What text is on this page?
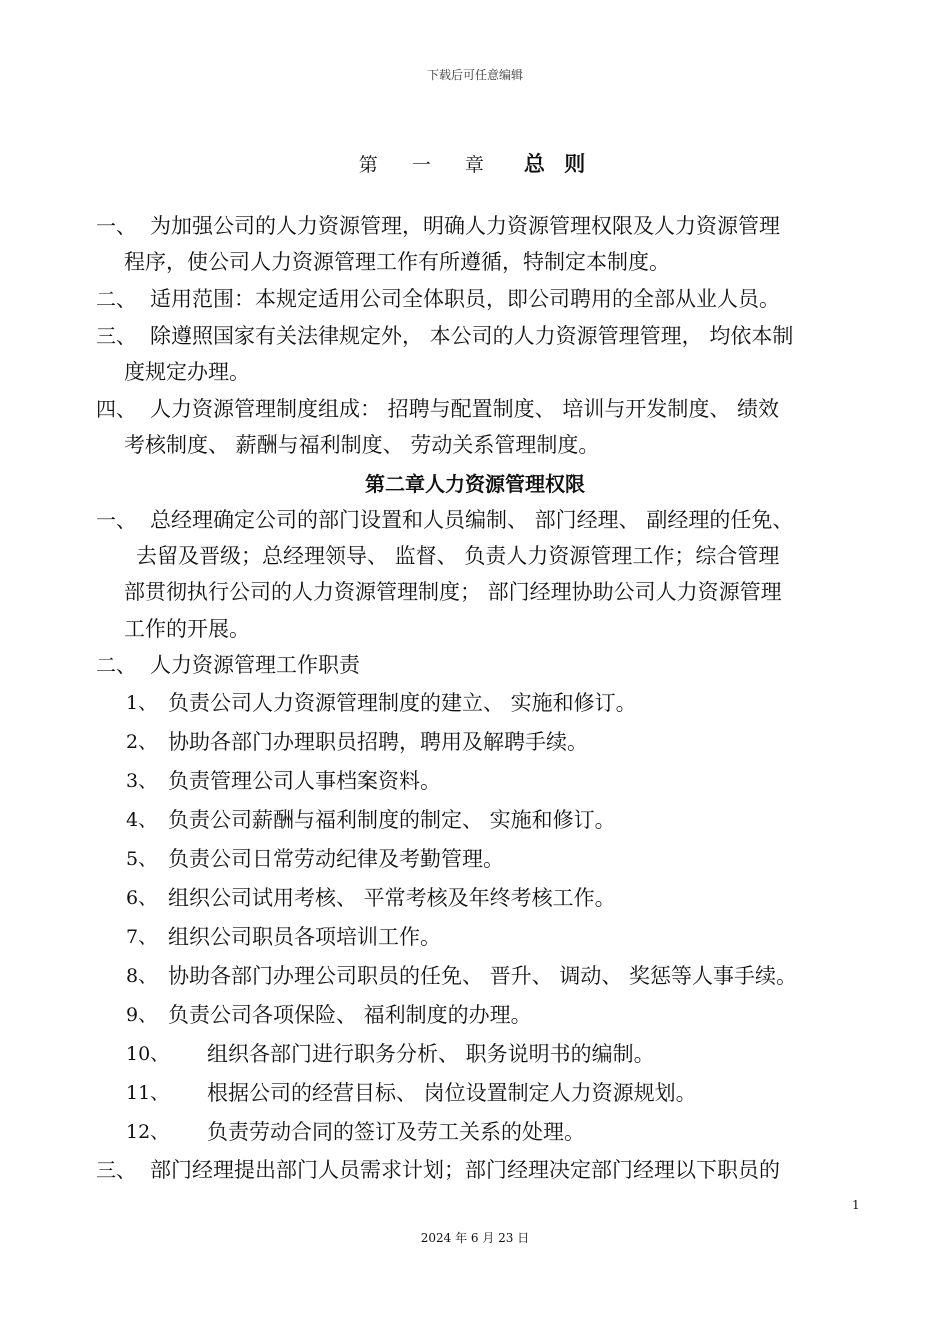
下载后可任意编辑
第 一 章 总 则
一、 为加强公司的人力资源管理，明确人力资源管理权限及人力资源管理
程序，使公司人力资源管理工作有所遵循，特制定本制度。
二、 适用范围：本规定适用公司全体职员，即公司聘用的全部从业人员。
三、 除遵照国家有关法律规定外， 本公司的人力资源管理管理， 均依本制
度规定办理。
四、 人力资源管理制度组成： 招聘与配置制度、 培训与开发制度、 绩效
考核制度、 薪酬与福利制度、 劳动关系管理制度。
第二章人力资源管理权限
一、 总经理确定公司的部门设置和人员编制、 部门经理、 副经理的任免、
去留及晋级；总经理领导、 监督、 负责人力资源管理工作；综合管理
部贯彻执行公司的人力资源管理制度； 部门经理协助公司人力资源管理
工作的开展。
二、 人力资源管理工作职责
1、 负责公司人力资源管理制度的建立、 实施和修订。
2、 协助各部门办理职员招聘，聘用及解聘手续。
3、 负责管理公司人事档案资料。
4、 负责公司薪酬与福利制度的制定、 实施和修订。
5、 负责公司日常劳动纪律及考勤管理。
6、 组织公司试用考核、 平常考核及年终考核工作。
7、 组织公司职员各项培训工作。
8、 协助各部门办理公司职员的任免、 晋升、 调动、 奖惩等人事手续。
9、 负责公司各项保险、 福利制度的办理。
10、 组织各部门进行职务分析、 职务说明书的编制。
11、 根据公司的经营目标、 岗位设置制定人力资源规划。
12、 负责劳动合同的签订及劳工关系的处理。
三、 部门经理提出部门人员需求计划；部门经理决定部门经理以下职员的
1
2024 年 6 月 23 日
